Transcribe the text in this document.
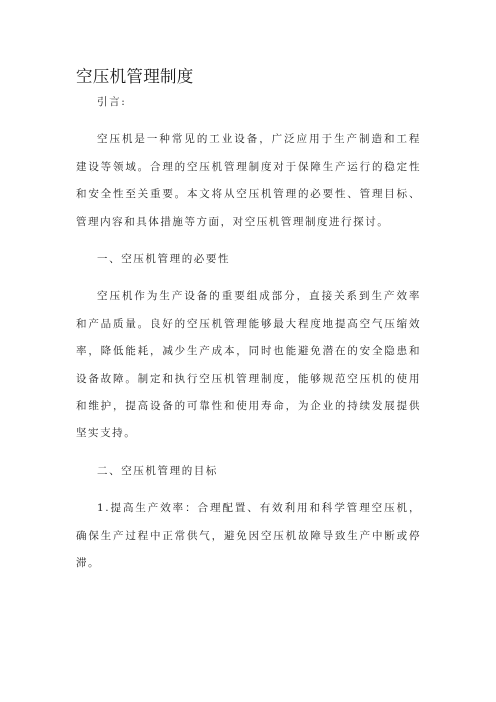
空压机管理制度

引言:

空压机是一种常见的工业设备，广泛应用于生产制造和工程建设等领域。合理的空压机管理制度对于保障生产运行的稳定性和安全性至关重要。本文将从空压机管理的必要性、管理目标、管理内容和具体措施等方面，对空压机管理制度进行探讨。

一、空压机管理的必要性

空压机作为生产设备的重要组成部分，直接关系到生产效率和产品质量。良好的空压机管理能够最大程度地提高空气压缩效率，降低能耗，减少生产成本，同时也能避免潜在的安全隐患和设备故障。制定和执行空压机管理制度，能够规范空压机的使用和维护，提高设备的可靠性和使用寿命，为企业的持续发展提供坚实支持。

二、空压机管理的目标

1.提高生产效率：合理配置、有效利用和科学管理空压机，确保生产过程中正常供气，避免因空压机故障导致生产中断或停滞。
